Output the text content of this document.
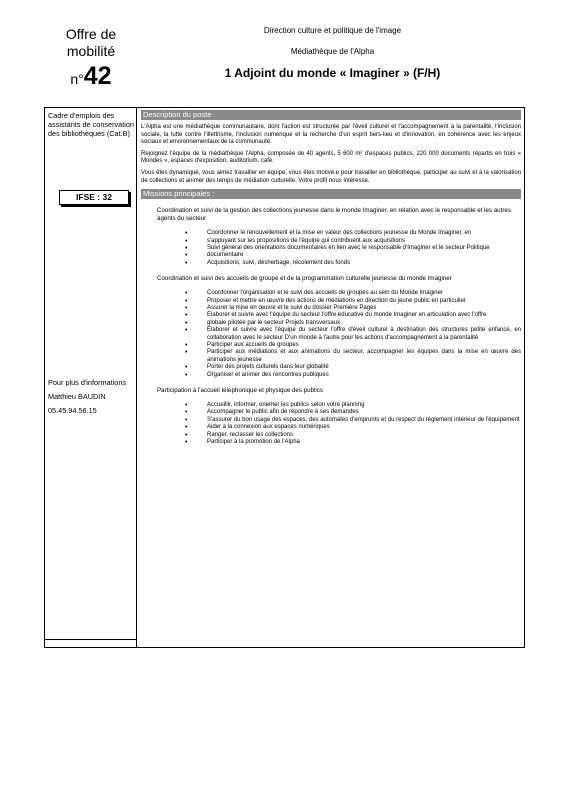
Offre de
mobilité
n°42
Direction culture et politique de l'image
Médiathèque de l'Alpha
1 Adjoint du monde « Imaginer » (F/H)
Cadre d'emplois des assistants de conservation des bibliothèques (Cat.B)
IFSE : 32
Pour plus d'informations
Matthieu BAUDIN
05.45.94.56.15
Description du poste

L'Alpha est une médiathèque communautaire, dont l'action est structurée par l'éveil culturel et l'accompagnement à la parentalité, l'inclusion sociale, la lutte contre l'illettrisme, l'inclusion numérique et la recherche d'un esprit tiers-lieu et d'innovation, en cohérence avec les enjeux sociaux et environnementaux de la communauté.

Rejoignez l'équipe de la médiathèque l'Alpha, composée de 40 agents, 5 600 m² d'espaces publics, 220 000 documents répartis en trois « Mondes », espaces d'exposition, auditorium, café.

Vous êtes dynamique, vous aimez travailler en équipe, vous êtes motivé.e pour travailler en bibliothèque, participer au suivi et à la valorisation de collections et animer des temps de médiation culturelle. Votre profil nous intéresse.

Missions principales :
Coordination et suivi de la gestion des collections jeunesse dans le monde Imaginer, en relation avec le responsable et les autres agents du secteur
• Coordonner le renouvellement et la mise en valeur des collections jeunesse du Monde Imaginer, en
• s'appuyant sur les propositions de l'équipe qui contribuent aux acquisitions
• Suivi général des orientations documentaires en lien avec le responsable d'Imaginer et le secteur Politique
• documentaire
• Acquisitions, suivi, désherbage, récolement des fonds
Coordination et suivi des accueils de groupe et de la programmation culturelle jeunesse du monde Imaginer
• Coordonner l'organisation et le suivi des accueils de groupes au sein du Monde Imaginer
• Proposer et mettre en œuvre des actions de médiations en direction du jeune public en particulier
• Assurer la mise en œuvre et le suivi du dossier Première Pages
• Elaborer et suivre avec l'équipe du secteur l'offre éducative du monde Imaginer en articulation avec l'offre
• globale pilotée par le secteur Projets transversaux
• Elaborer et suivre avec l'équipe du secteur l'offre d'éveil culturel à destination des structures petite enfance, en collaboration avec le secteur D'un monde à l'autre pour les actions d'accompagnement à la parentalité
• Participer aux accueils de groupes
• Participer aux médiations et aux animations du secteur, accompagner les équipes dans la mise en œuvre des animations jeunesse
• Porter des projets culturels dans leur globalité
• Organiser et animer des rencontres publiques
Participation à l'accueil téléphonique et physique des publics
• Accueillir, informer, orienter les publics selon votre planning
• Accompagner le public afin de répondre à ses demandes
• S'assurer du bon usage des espaces, des automates d'emprunts et du respect du règlement intérieur de l'équipement
• Aider à la connexion aux espaces numériques
• Ranger, reclasser les collections
• Participer à la promotion de l'Alpha
